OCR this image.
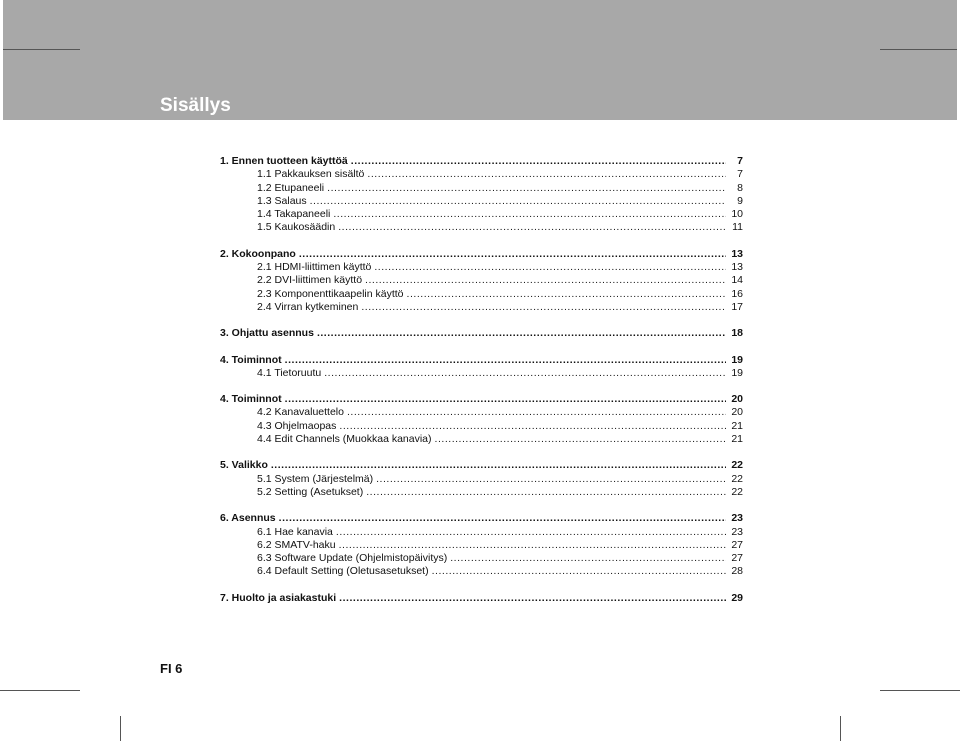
Sisällys
1. Ennen tuotteen käyttöä . . .	7
1.1 Pakkauksen sisältö . . .	7
1.2 Etupaneeli . . .	8
1.3 Salaus . . .	9
1.4 Takapaneeli . . .	10
1.5 Kaukosäädin . . .	11
2. Kokoonpano . . .	13
2.1 HDMI-liittimen käyttö . . .	13
2.2 DVI-liittimen käyttö . . .	14
2.3 Komponenttikaapelin käyttö . . .	16
2.4 Virran kytkeminen . . .	17
3. Ohjattu asennus . . .	18
4. Toiminnot . . .	19
4.1 Tietoruutu . . .	19
4. Toiminnot . . .	20
4.2 Kanavaluettelo . . .	20
4.3 Ohjelmaopas . . .	21
4.4 Edit Channels (Muokkaa kanavia) . . .	21
5. Valikko . . .	22
5.1 System (Järjestelmä) . . .	22
5.2 Setting (Asetukset) . . .	22
6. Asennus . . .	23
6.1 Hae kanavia . . .	23
6.2 SMATV-haku . . .	27
6.3 Software Update (Ohjelmistopäivitys) . . .	27
6.4 Default Setting (Oletusasetukset) . . .	28
7. Huolto ja asiakastuki . . .	29
FI 6
